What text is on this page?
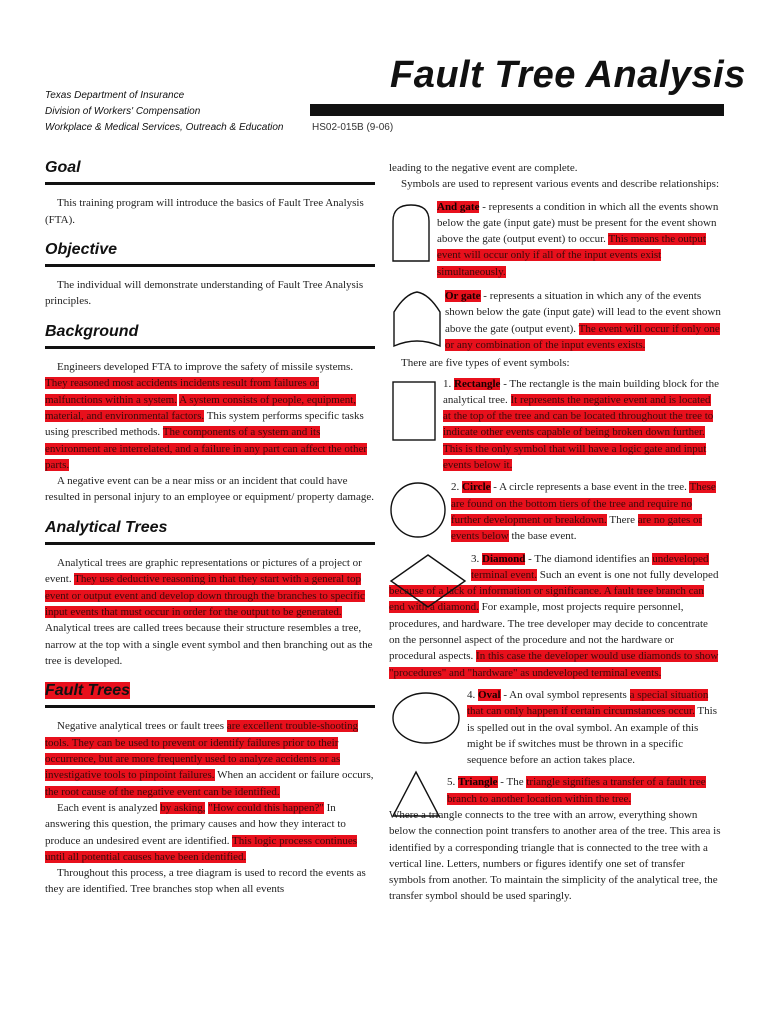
Texas Department of Insurance
Division of Workers' Compensation
Workplace & Medical Services, Outreach & Education
Fault Tree Analysis
HS02-015B (9-06)
Goal

This training program will introduce the basics of Fault Tree Analysis (FTA).

Objective

The individual will demonstrate understanding of Fault Tree Analysis principles.

Background

Engineers developed FTA to improve the safety of missile systems. They reasoned most accidents incidents result from failures or malfunctions within a system. A system consists of people, equipment, material, and environmental factors. This system performs specific tasks using prescribed methods. The components of a system and its environment are interrelated, and a failure in any part can affect the other parts.

A negative event can be a near miss or an incident that could have resulted in personal injury to an employee or equipment/ property damage.

Analytical Trees

Analytical trees are graphic representations or pictures of a project or event. They use deductive reasoning in that they start with a general top event or output event and develop down through the branches to specific input events that must occur in order for the output to be generated. Analytical trees are called trees because their structure resembles a tree, narrow at the top with a single event symbol and then branching out as the tree is developed.

Fault Trees

Negative analytical trees or fault trees are excellent trouble-shooting tools. They can be used to prevent or identify failures prior to their occurrence, but are more frequently used to analyze accidents or as investigative tools to pinpoint failures. When an accident or failure occurs, the root cause of the negative event can be identified.

Each event is analyzed by asking, "How could this happen?" In answering this question, the primary causes and how they interact to produce an undesired event are identified. This logic process continues until all potential causes have been identified.

Throughout this process, a tree diagram is used to record the events as they are identified. Tree branches stop when all events

leading to the negative event are complete.

Symbols are used to represent various events and describe relationships:

And gate - represents a condition in which all the events shown below the gate (input gate) must be present for the event shown above the gate (output event) to occur. This means the output event will occur only if all of the input events exist simultaneously.

Or gate - represents a situation in which any of the events shown below the gate (input gate) will lead to the event shown above the gate (output event). The event will occur if only one or any combination of the input events exists.

There are five types of event symbols:

1. Rectangle - The rectangle is the main building block for the analytical tree. It represents the negative event and is located at the top of the tree and can be located throughout the tree to indicate other events capable of being broken down further. This is the only symbol that will have a logic gate and input events below it.

2. Circle - A circle represents a base event in the tree. These are found on the bottom tiers of the tree and require no further development or breakdown. There are no gates or events below the base event.

3. Diamond - The diamond identifies an undeveloped terminal event. Such an event is one not fully developed

because of a lack of information or significance. A fault tree branch can end with a diamond. For example, most projects require personnel, procedures, and hardware. The tree developer may decide to concentrate on the personnel aspect of the procedure and not the hardware or procedural aspects. In this case the developer would use diamonds to show "procedures" and "hardware" as undeveloped terminal events.

4. Oval - An oval symbol represents a special situation that can only happen if certain circumstances occur. This is spelled out in the oval symbol. An example of this might be if switches must be thrown in a specific sequence before an action takes place.

5. Triangle - The triangle signifies a transfer of a fault tree branch to another location within the tree.

Where a triangle connects to the tree with an arrow, everything shown below the connection point transfers to another area of the tree. This area is identified by a corresponding triangle that is connected to the tree with a vertical line. Letters, numbers or figures identify one set of transfer symbols from another. To maintain the simplicity of the analytical tree, the transfer symbol should be used sparingly.
